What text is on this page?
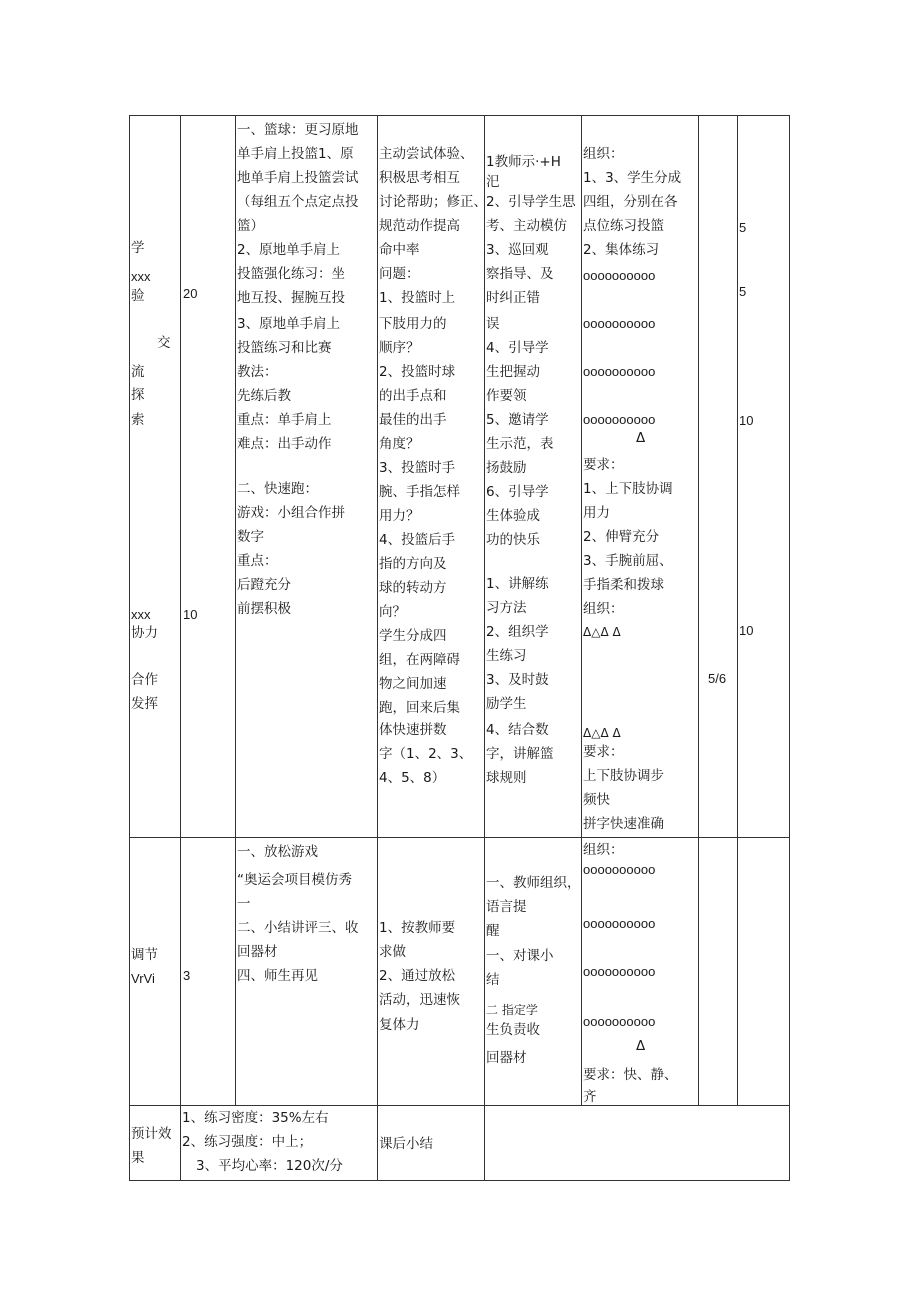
学

xxx

验

交

流

探

索

xxx

协力

合作

发挥

20

10

一、篮球：更习原地

单手肩上投篮1、原

地单手肩上投篮尝试

（每组五个点定点投

篮）

2、原地单手肩上

投篮强化练习：坐

地互投、握腕互投

3、原地单手肩上

投篮练习和比赛

教法：

先练后教

重点：单手肩上

难点：出手动作

二、快速跑：

游戏：小组合作拼

数字

重点：

后蹬充分

前摆积极

主动尝试体验、

积极思考相互

讨论帮助；修正、

规范动作提高

命中率

问题：

1、投篮时上

下肢用力的

顺序？

2、投篮时球

的出手点和

最佳的出手

角度？

3、投篮时手

腕、手指怎样

用力？

4、投篮后手

指的方向及

球的转动方

向？

学生分成四

组，在两障碍

物之间加速

跑，回来后集

体快速拼数

字（1、2、3、

4、5、8）

1教师示·+H

汜

2、引导学生思

考、主动模仿

3、巡回观

察指导、及

时纠正错

误

4、引导学

生把握动

作要领

5、邀请学

生示范，表

扬鼓励

6、引导学

生体验成

功的快乐

1、讲解练

习方法

2、组织学

生练习

3、及时鼓

励学生

4、结合数

字，讲解篮

球规则

组织：

1、3、学生分成

四组，分别在各

点位练习投篮

2、集体练习

oooooooooo

oooooooooo

oooooooooo

oooooooooo

Δ

要求：

1、上下肢协调

用力

2、伸臂充分

3、手腕前屈、

手指柔和拨球

组织：

Δ△Δ Δ

Δ△Δ Δ

要求：

上下肢协调步

频快

拼字快速准确

5/6

5

5

10

10

调节

VrVi 3

一、放松游戏

“奥运会项目模仿秀

一

二、小结讲评三、收

回器材

四、师生再见

1、按教师要

求做

2、通过放松

活动，迅速恢

复体力

一、教师组织，

语言提

醒

一、对课小

结

二 指定学

生负责收

回器材

组织：

oooooooooo

oooooooooo

oooooooooo

oooooooooo

Δ

要求：快、静、

齐

预计效

果

1、练习密度：35%左右

2、练习强度：中上；

3、平均心率：120次/分

课后小结
